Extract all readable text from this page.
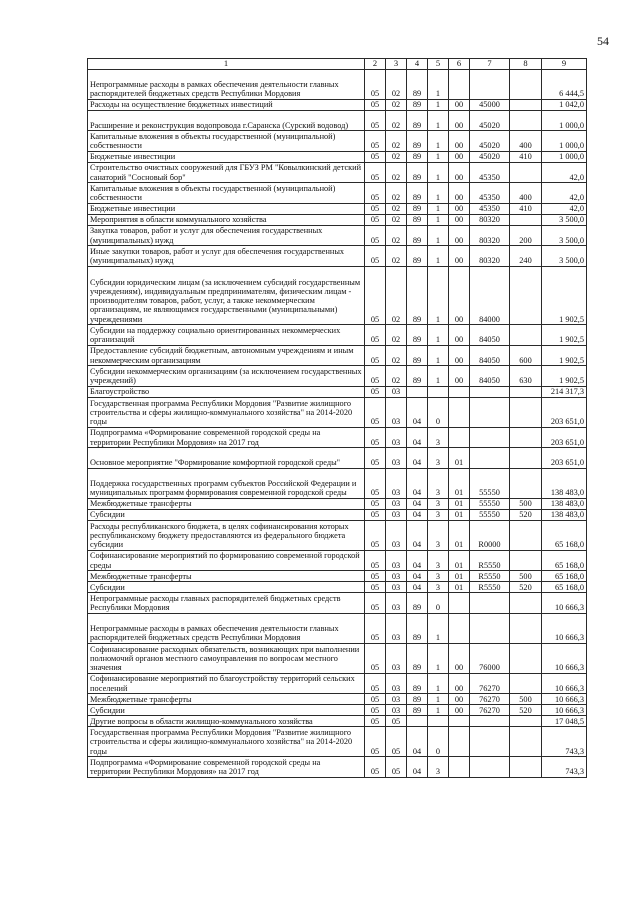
54
1	2	3	4	5	6	7	8	9
Непрограммные расходы в рамках обеспечения деятельности главных распорядителей бюджетных средств Республики Мордовия	05	02	89	1				6 444,5
Расходы на осуществление бюджетных инвестиций	05	02	89	1	00	45000		1 042,0
Расширение и реконструкция водопровода г.Саранска (Сурский водовод)	05	02	89	1	00	45020		1 000,0
Капитальные вложения в объекты государственной (муниципальной) собственности	05	02	89	1	00	45020	400	1 000,0
Бюджетные инвестиции	05	02	89	1	00	45020	410	1 000,0
Строительство очистных сооружений для ГБУЗ РМ "Ковылкинский детский санаторий "Сосновый бор"	05	02	89	1	00	45350		42,0
Капитальные вложения в объекты государственной (муниципальной) собственности	05	02	89	1	00	45350	400	42,0
Бюджетные инвестиции	05	02	89	1	00	45350	410	42,0
Мероприятия в области коммунального хозяйства	05	02	89	1	00	80320		3 500,0
Закупка товаров, работ и услуг для обеспечения государственных (муниципальных) нужд	05	02	89	1	00	80320	200	3 500,0
Иные закупки товаров, работ и услуг для обеспечения государственных (муниципальных) нужд	05	02	89	1	00	80320	240	3 500,0
Субсидии юридическим лицам (за исключением субсидий государственным учреждениям), индивидуальным предпринимателям, физическим лицам - производителям товаров, работ, услуг, а также некоммерческим организациям, не являющимся государственными (муниципальными) учреждениями	05	02	89	1	00	84000		1 902,5
Субсидии на поддержку социально ориентированных некоммерческих организаций	05	02	89	1	00	84050		1 902,5
Предоставление субсидий бюджетным, автономным учреждениям и иным некоммерческим организациям	05	02	89	1	00	84050	600	1 902,5
Субсидии некоммерческим организациям (за исключением государственных учреждений)	05	02	89	1	00	84050	630	1 902,5
Благоустройство	05	03						214 317,3
Государственная программа Республики Мордовия "Развитие жилищного строительства и сферы жилищно-коммунального хозяйства" на 2014-2020 годы	05	03	04	0				203 651,0
Подпрограмма «Формирование современной городской среды на территории Республики Мордовия» на 2017 год	05	03	04	3				203 651,0
Основное мероприятие "Формирование комфортной городской среды"	05	03	04	3	01			203 651,0
Поддержка государственных программ субъектов Российской Федерации и муниципальных программ формирования современной городской среды	05	03	04	3	01	55550		138 483,0
Межбюджетные трансферты	05	03	04	3	01	55550	500	138 483,0
Субсидии	05	03	04	3	01	55550	520	138 483,0
Расходы республиканского бюджета, в целях софинансирования которых республиканскому бюджету предоставляются из федерального бюджета субсидии	05	03	04	3	01	R0000		65 168,0
Софинансирование мероприятий по формированию современной городской среды	05	03	04	3	01	R5550		65 168,0
Межбюджетные трансферты	05	03	04	3	01	R5550	500	65 168,0
Субсидии	05	03	04	3	01	R5550	520	65 168,0
Непрограммные расходы главных распорядителей бюджетных средств Республики Мордовия	05	03	89	0				10 666,3
Непрограммные расходы в рамках обеспечения деятельности главных распорядителей бюджетных средств Республики Мордовия	05	03	89	1				10 666,3
Софинансирование расходных обязательств, возникающих при выполнении полномочий органов местного самоуправления по вопросам местного значения	05	03	89	1	00	76000		10 666,3
Софинансирование мероприятий по благоустройству территорий сельских поселений	05	03	89	1	00	76270		10 666,3
Межбюджетные трансферты	05	03	89	1	00	76270	500	10 666,3
Субсидии	05	03	89	1	00	76270	520	10 666,3
Другие вопросы в области жилищно-коммунального хозяйства	05	05						17 048,5
Государственная программа Республики Мордовия "Развитие жилищного строительства и сферы жилищно-коммунального хозяйства" на 2014-2020 годы	05	05	04	0				743,3
Подпрограмма «Формирование современной городской среды на территории Республики Мордовия» на 2017 год	05	05	04	3				743,3
